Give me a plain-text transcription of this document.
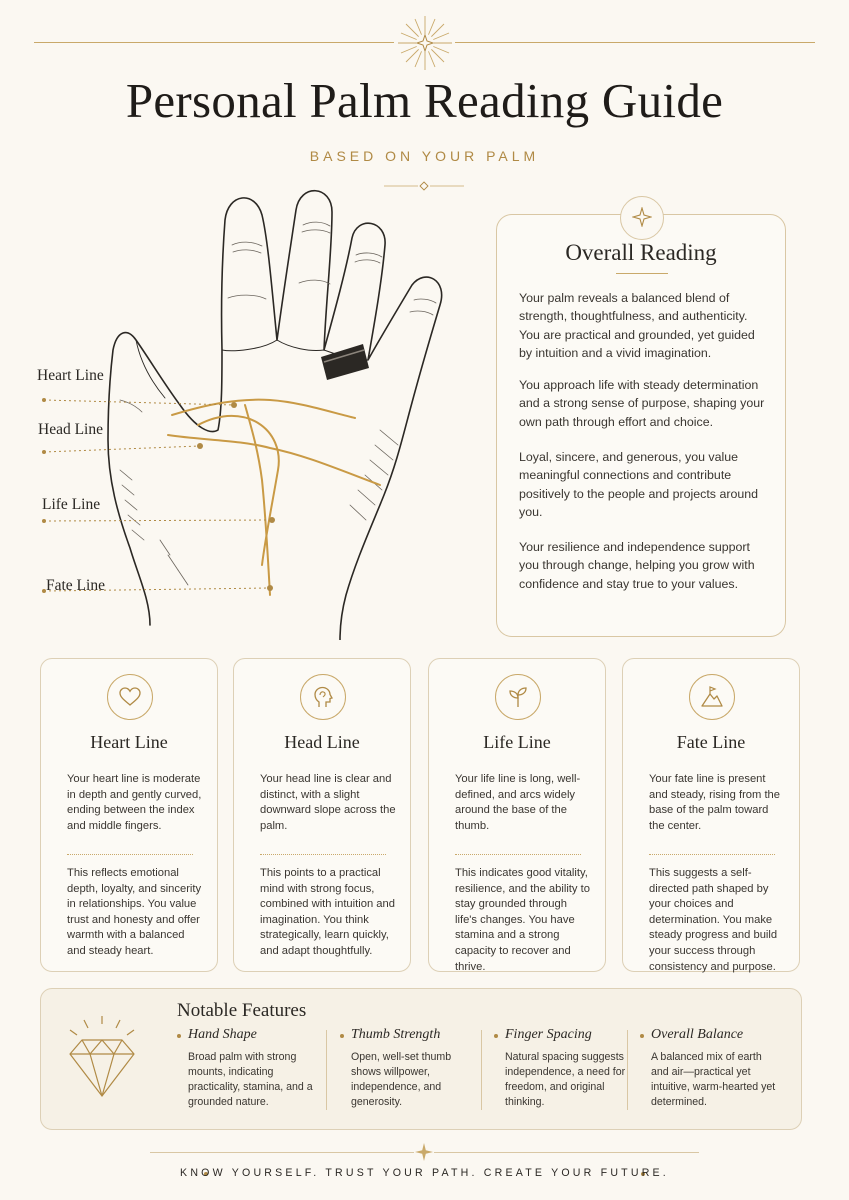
Personal Palm Reading Guide
BASED ON YOUR PALM
Heart Line
Head Line
Life Line
Fate Line
Overall Reading

Your palm reveals a balanced blend of strength, thoughtfulness, and authenticity. You are practical and grounded, yet guided by intuition and a vivid imagination.

You approach life with steady determination and a strong sense of purpose, shaping your own path through effort and choice.

Loyal, sincere, and generous, you value meaningful connections and contribute positively to the people and projects around you.

Your resilience and independence support you through change, helping you grow with confidence and stay true to your values.

Heart Line

Your heart line is moderate in depth and gently curved, ending between the index and middle fingers.

This reflects emotional depth, loyalty, and sincerity in relationships. You value trust and honesty and offer warmth with a balanced and steady heart.

Head Line

Your head line is clear and distinct, with a slight downward slope across the palm.

This points to a practical mind with strong focus, combined with intuition and imagination. You think strategically, learn quickly, and adapt thoughtfully.

Life Line

Your life line is long, well-defined, and arcs widely around the base of the thumb.

This indicates good vitality, resilience, and the ability to stay grounded through life's changes. You have stamina and a strong capacity to recover and thrive.

Fate Line

Your fate line is present and steady, rising from the base of the palm toward the center.

This suggests a self-directed path shaped by your choices and determination. You make steady progress and build your success through consistency and purpose.

Notable Features
Hand Shape

Broad palm with strong mounts, indicating practicality, stamina, and a grounded nature.

Thumb Strength

Open, well-set thumb shows willpower, independence, and generosity.

Finger Spacing

Natural spacing suggests independence, a need for freedom, and original thinking.

Overall Balance

A balanced mix of earth and air—practical yet intuitive, warm-hearted yet determined.

KNOW YOURSELF. TRUST YOUR PATH. CREATE YOUR FUTURE.
